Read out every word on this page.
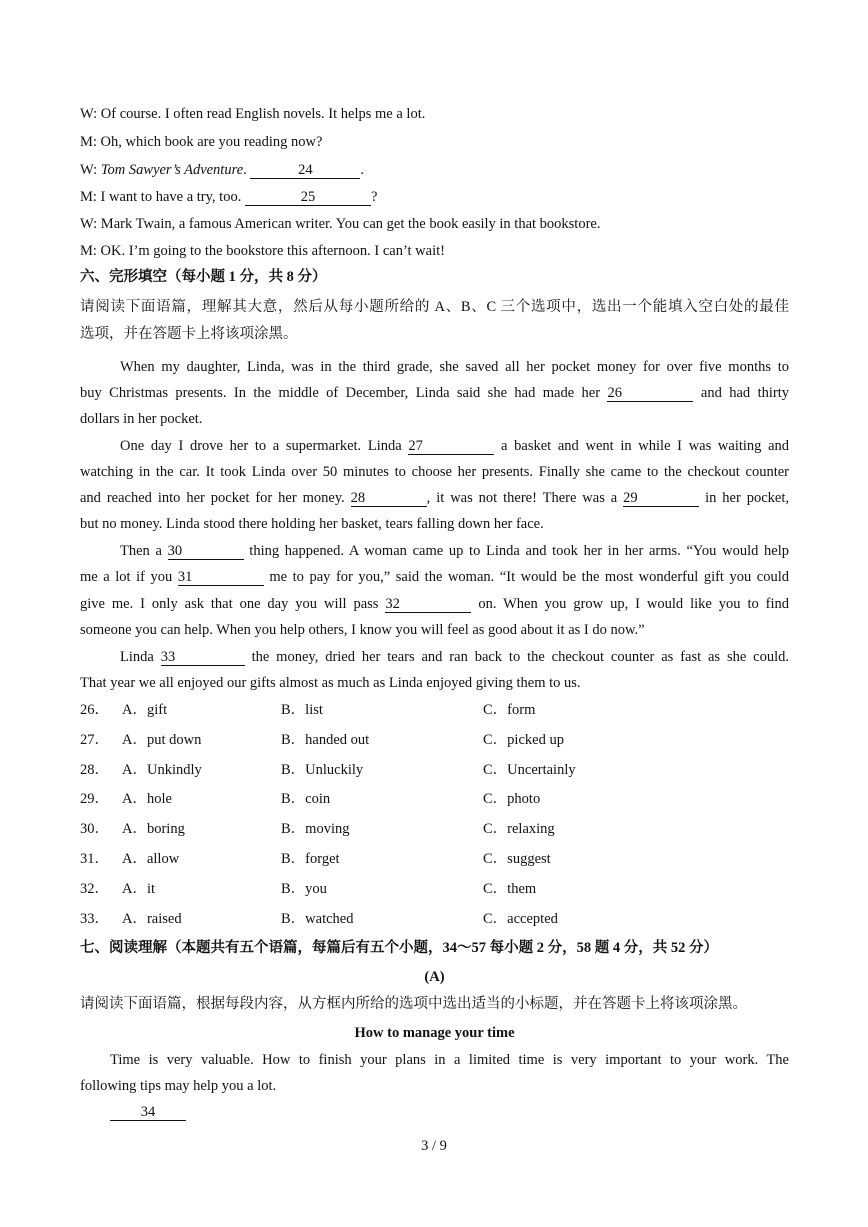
W: Of course. I often read English novels. It helps me a lot.
M: Oh, which book are you reading now?
W: Tom Sawyer’s Adventure.	24	.
M: I want to have a try, too.	25	?
W: Mark Twain, a famous American writer. You can get the book easily in that bookstore.
M: OK. I’m going to the bookstore this afternoon. I can’t wait!
六、完形填空（每小题 1 分，共 8 分）
请阅读下面语篇，理解其大意，然后从每小题所给的 A、B、C 三个选项中，选出一个能填入空白处的最佳
选项，并在答题卡上将该项涂黑。
When my daughter, Linda, was in the third grade, she saved all her pocket money for over five months to
buy Christmas presents. In the middle of December, Linda said she had made her 26	and had thirty
dollars in her pocket.
One day I drove her to a supermarket. Linda 27	a basket and went in while I was waiting and
watching in the car. It took Linda over 50 minutes to choose her presents. Finally she came to the checkout counter
and reached into her pocket for her money. 28	, it was not there! There was a 29	in her pocket,
but no money. Linda stood there holding her basket, tears falling down her face.
Then a 30	thing happened. A woman came up to Linda and took her in her arms. “You would help
me a lot if you 31	me to pay for you,” said the woman. “It would be the most wonderful gift you could
give me. I only ask that one day you will pass 32	on. When you grow up, I would like you to find
someone you can help. When you help others, I know you will feel as good about it as I do now.”
Linda 33	the money, dried her tears and ran back to the checkout counter as fast as she could.
That year we all enjoyed our gifts almost as much as Linda enjoyed giving them to us.
26． A．gift	B．list	C．form
27． A．put down	B．handed out	C．picked up
28． A．Unkindly	B．Unluckily	C．Uncertainly
29． A．hole	B．coin	C．photo
30． A．boring	B．moving	C．relaxing
31． A．allow	B．forget	C．suggest
32． A．it	B．you	C．them
33． A．raised	B．watched	C．accepted
七、阅读理解（本题共有五个语篇，每篇后有五个小题，34～57 每小题 2 分，58 题 4 分，共 52 分）
(A)
请阅读下面语篇，根据每段内容，从方框内所给的选项中选出适当的小标题，并在答题卡上将该项涂黑。
How to manage your time
Time is very valuable. How to finish your plans in a limited time is very important to your work. The
following tips may help you a lot.
34
3 / 9
